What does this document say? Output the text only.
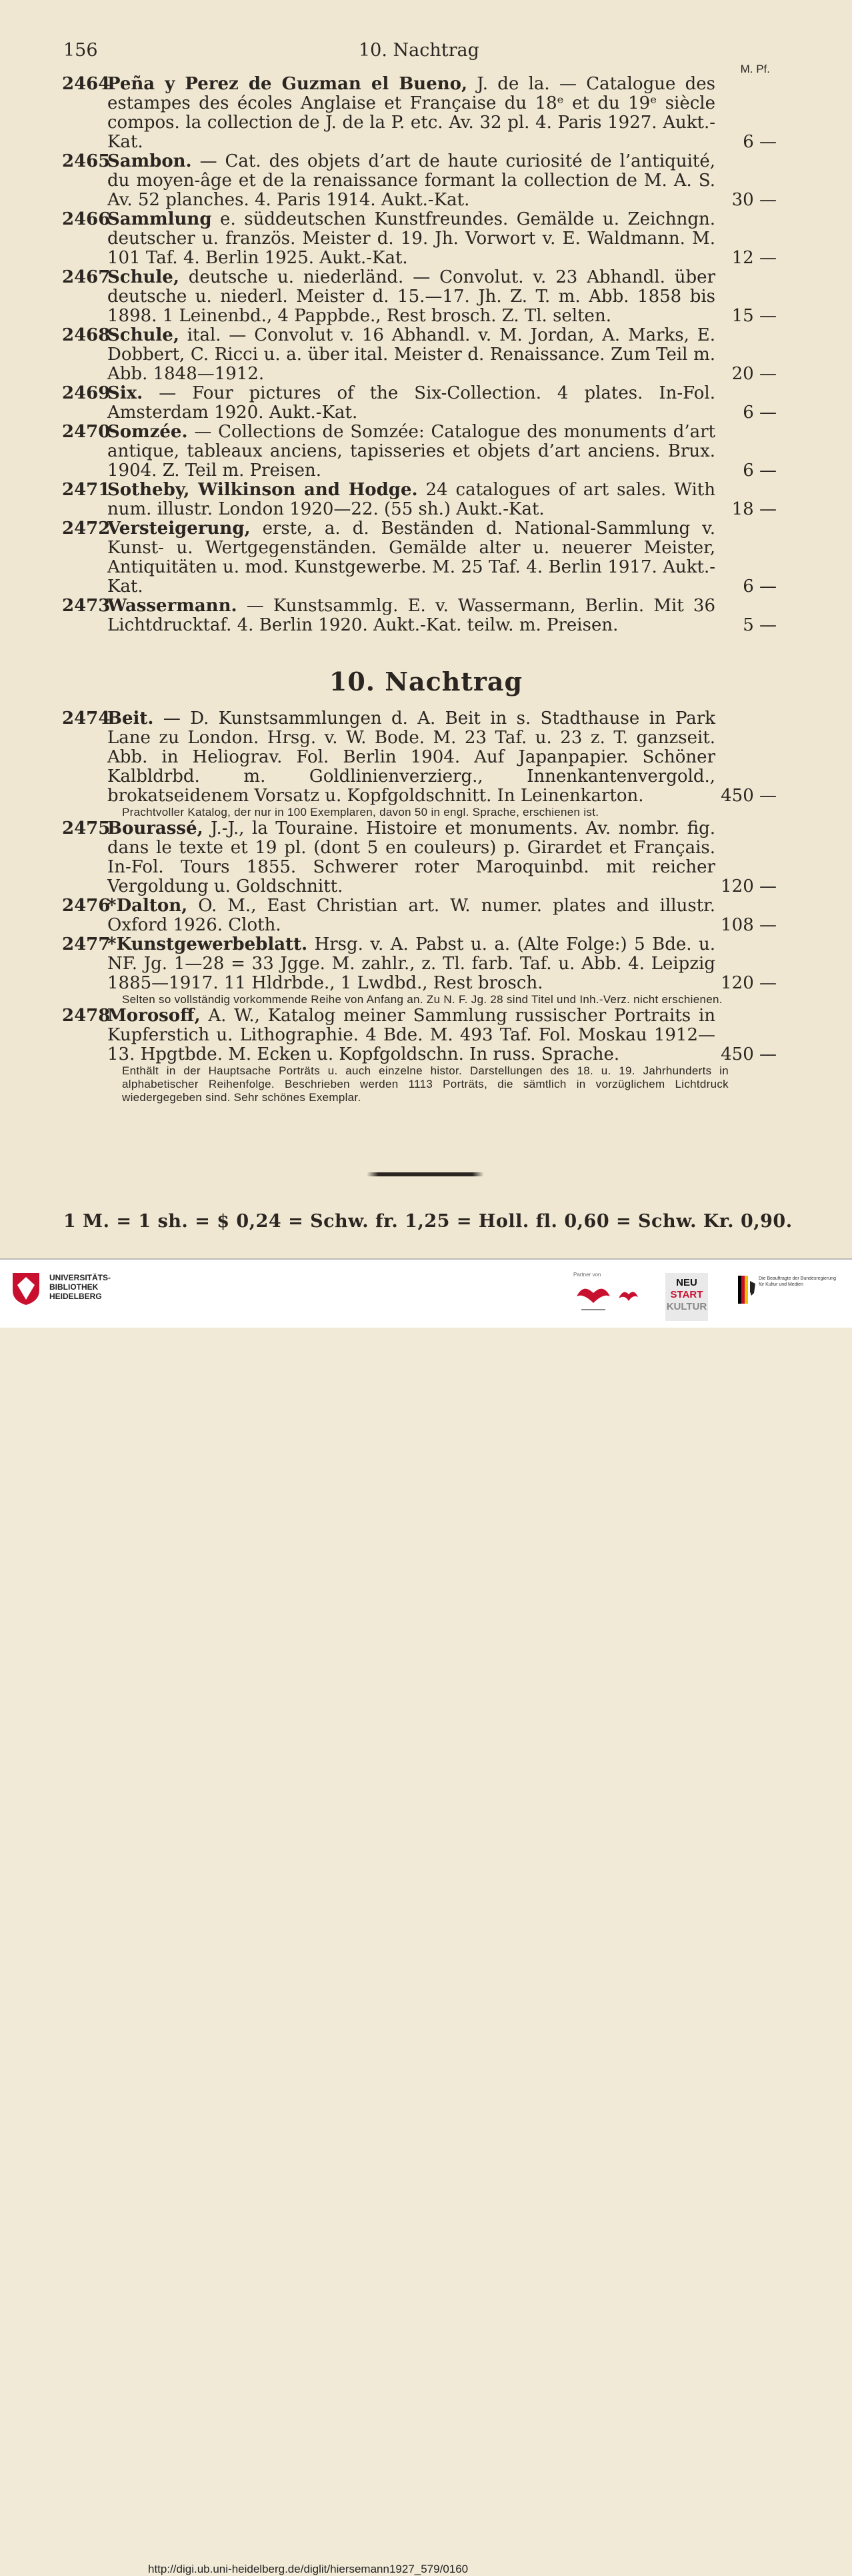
156	10. Nachtrag
M. Pf.
2464
Peña y Perez de Guzman el Bueno, J. de la. — Catalogue des estampes des écoles Anglaise et Française du 18ᵉ et du 19ᵉ siècle compos. la collection de J. de la P. etc. Av. 32 pl. 4. Paris 1927. Aukt.-Kat.	6 —
2465
Sambon. — Cat. des objets d’art de haute curiosité de l’antiquité, du moyen-âge et de la renaissance formant la collection de M. A. S. Av. 52 planches. 4. Paris 1914. Aukt.-Kat.	30 —
2466
Sammlung e. süddeutschen Kunstfreundes. Gemälde u. Zeichngn. deutscher u. französ. Meister d. 19. Jh. Vorwort v. E. Waldmann. M. 101 Taf. 4. Berlin 1925. Aukt.-Kat.	12 —
2467
Schule, deutsche u. niederländ. — Convolut. v. 23 Abhandl. über deutsche u. niederl. Meister d. 15.—17. Jh. Z. T. m. Abb. 1858 bis 1898. 1 Leinenbd., 4 Pappbde., Rest brosch. Z. Tl. selten.	15 —
2468
Schule, ital. — Convolut v. 16 Abhandl. v. M. Jordan, A. Marks, E. Dobbert, C. Ricci u. a. über ital. Meister d. Renaissance. Zum Teil m. Abb. 1848—1912.	20 —
2469
Six. — Four pictures of the Six-Collection. 4 plates. In-Fol. Amsterdam 1920. Aukt.-Kat.	6 —
2470
Somzée. — Collections de Somzée: Catalogue des monuments d’art antique, tableaux anciens, tapisseries et objets d’art anciens. Brux. 1904. Z. Teil m. Preisen.	6 —
2471
Sotheby, Wilkinson and Hodge. 24 catalogues of art sales. With num. illustr. London 1920—22. (55 sh.) Aukt.-Kat.	18 —
2472
Versteigerung, erste, a. d. Beständen d. National-Sammlung v. Kunst- u. Wertgegenständen. Gemälde alter u. neuerer Meister, Antiquitäten u. mod. Kunstgewerbe. M. 25 Taf. 4. Berlin 1917. Aukt.-Kat.	6 —
2473
Wassermann. — Kunstsammlg. E. v. Wassermann, Berlin. Mit 36 Lichtdrucktaf. 4. Berlin 1920. Aukt.-Kat. teilw. m. Preisen.	5 —
10. Nachtrag
2474
Beit. — D. Kunstsammlungen d. A. Beit in s. Stadthause in Park Lane zu London. Hrsg. v. W. Bode. M. 23 Taf. u. 23 z. T. ganzseit. Abb. in Heliograv. Fol. Berlin 1904. Auf Japanpapier. Schöner Kalbldrbd. m. Goldlinienverzierg., Innenkantenvergold., brokatseidenem Vorsatz u. Kopfgoldschnitt. In Leinenkarton.	450 —
Prachtvoller Katalog, der nur in 100 Exemplaren, davon 50 in engl. Sprache, erschienen ist.
2475
Bourassé, J.-J., la Touraine. Histoire et monuments. Av. nombr. fig. dans le texte et 19 pl. (dont 5 en couleurs) p. Girardet et Français. In-Fol. Tours 1855. Schwerer roter Maroquinbd. mit reicher Vergoldung u. Goldschnitt.	120 —
2476
*Dalton, O. M., East Christian art. W. numer. plates and illustr. Oxford 1926. Cloth.	108 —
2477
*Kunstgewerbeblatt. Hrsg. v. A. Pabst u. a. (Alte Folge:) 5 Bde. u. NF. Jg. 1—28 = 33 Jgge. M. zahlr., z. Tl. farb. Taf. u. Abb. 4. Leipzig 1885—1917. 11 Hldrbde., 1 Lwdbd., Rest brosch.	120 —
Selten so vollständig vorkommende Reihe von Anfang an. Zu N. F. Jg. 28 sind Titel und Inh.-Verz. nicht erschienen.
2478
Morosoff, A. W., Katalog meiner Sammlung russischer Portraits in Kupferstich u. Lithographie. 4 Bde. M. 493 Taf. Fol. Moskau 1912—13. Hpgtbde. M. Ecken u. Kopfgoldschn. In russ. Sprache.	450 —
Enthält in der Hauptsache Porträts u. auch einzelne histor. Darstellungen des 18. u. 19. Jahrhunderts in alphabetischer Reihenfolge. Beschrieben werden 1113 Porträts, die sämtlich in vorzüglichem Lichtdruck wiedergegeben sind. Sehr schönes Exemplar.
1 M. = 1 sh. = $ 0,24 = Schw. fr. 1,25 = Holl. fl. 0,60 = Schw. Kr. 0,90.
UNIVERSITÄTS-
BIBLIOTHEK
HEIDELBERG
Partner von
NEU
START
KULTUR
Die Beauftragte der Bundesregierung für Kultur und Medien
http://digi.ub.uni-heidelberg.de/diglit/hiersemann1927_579/0160
